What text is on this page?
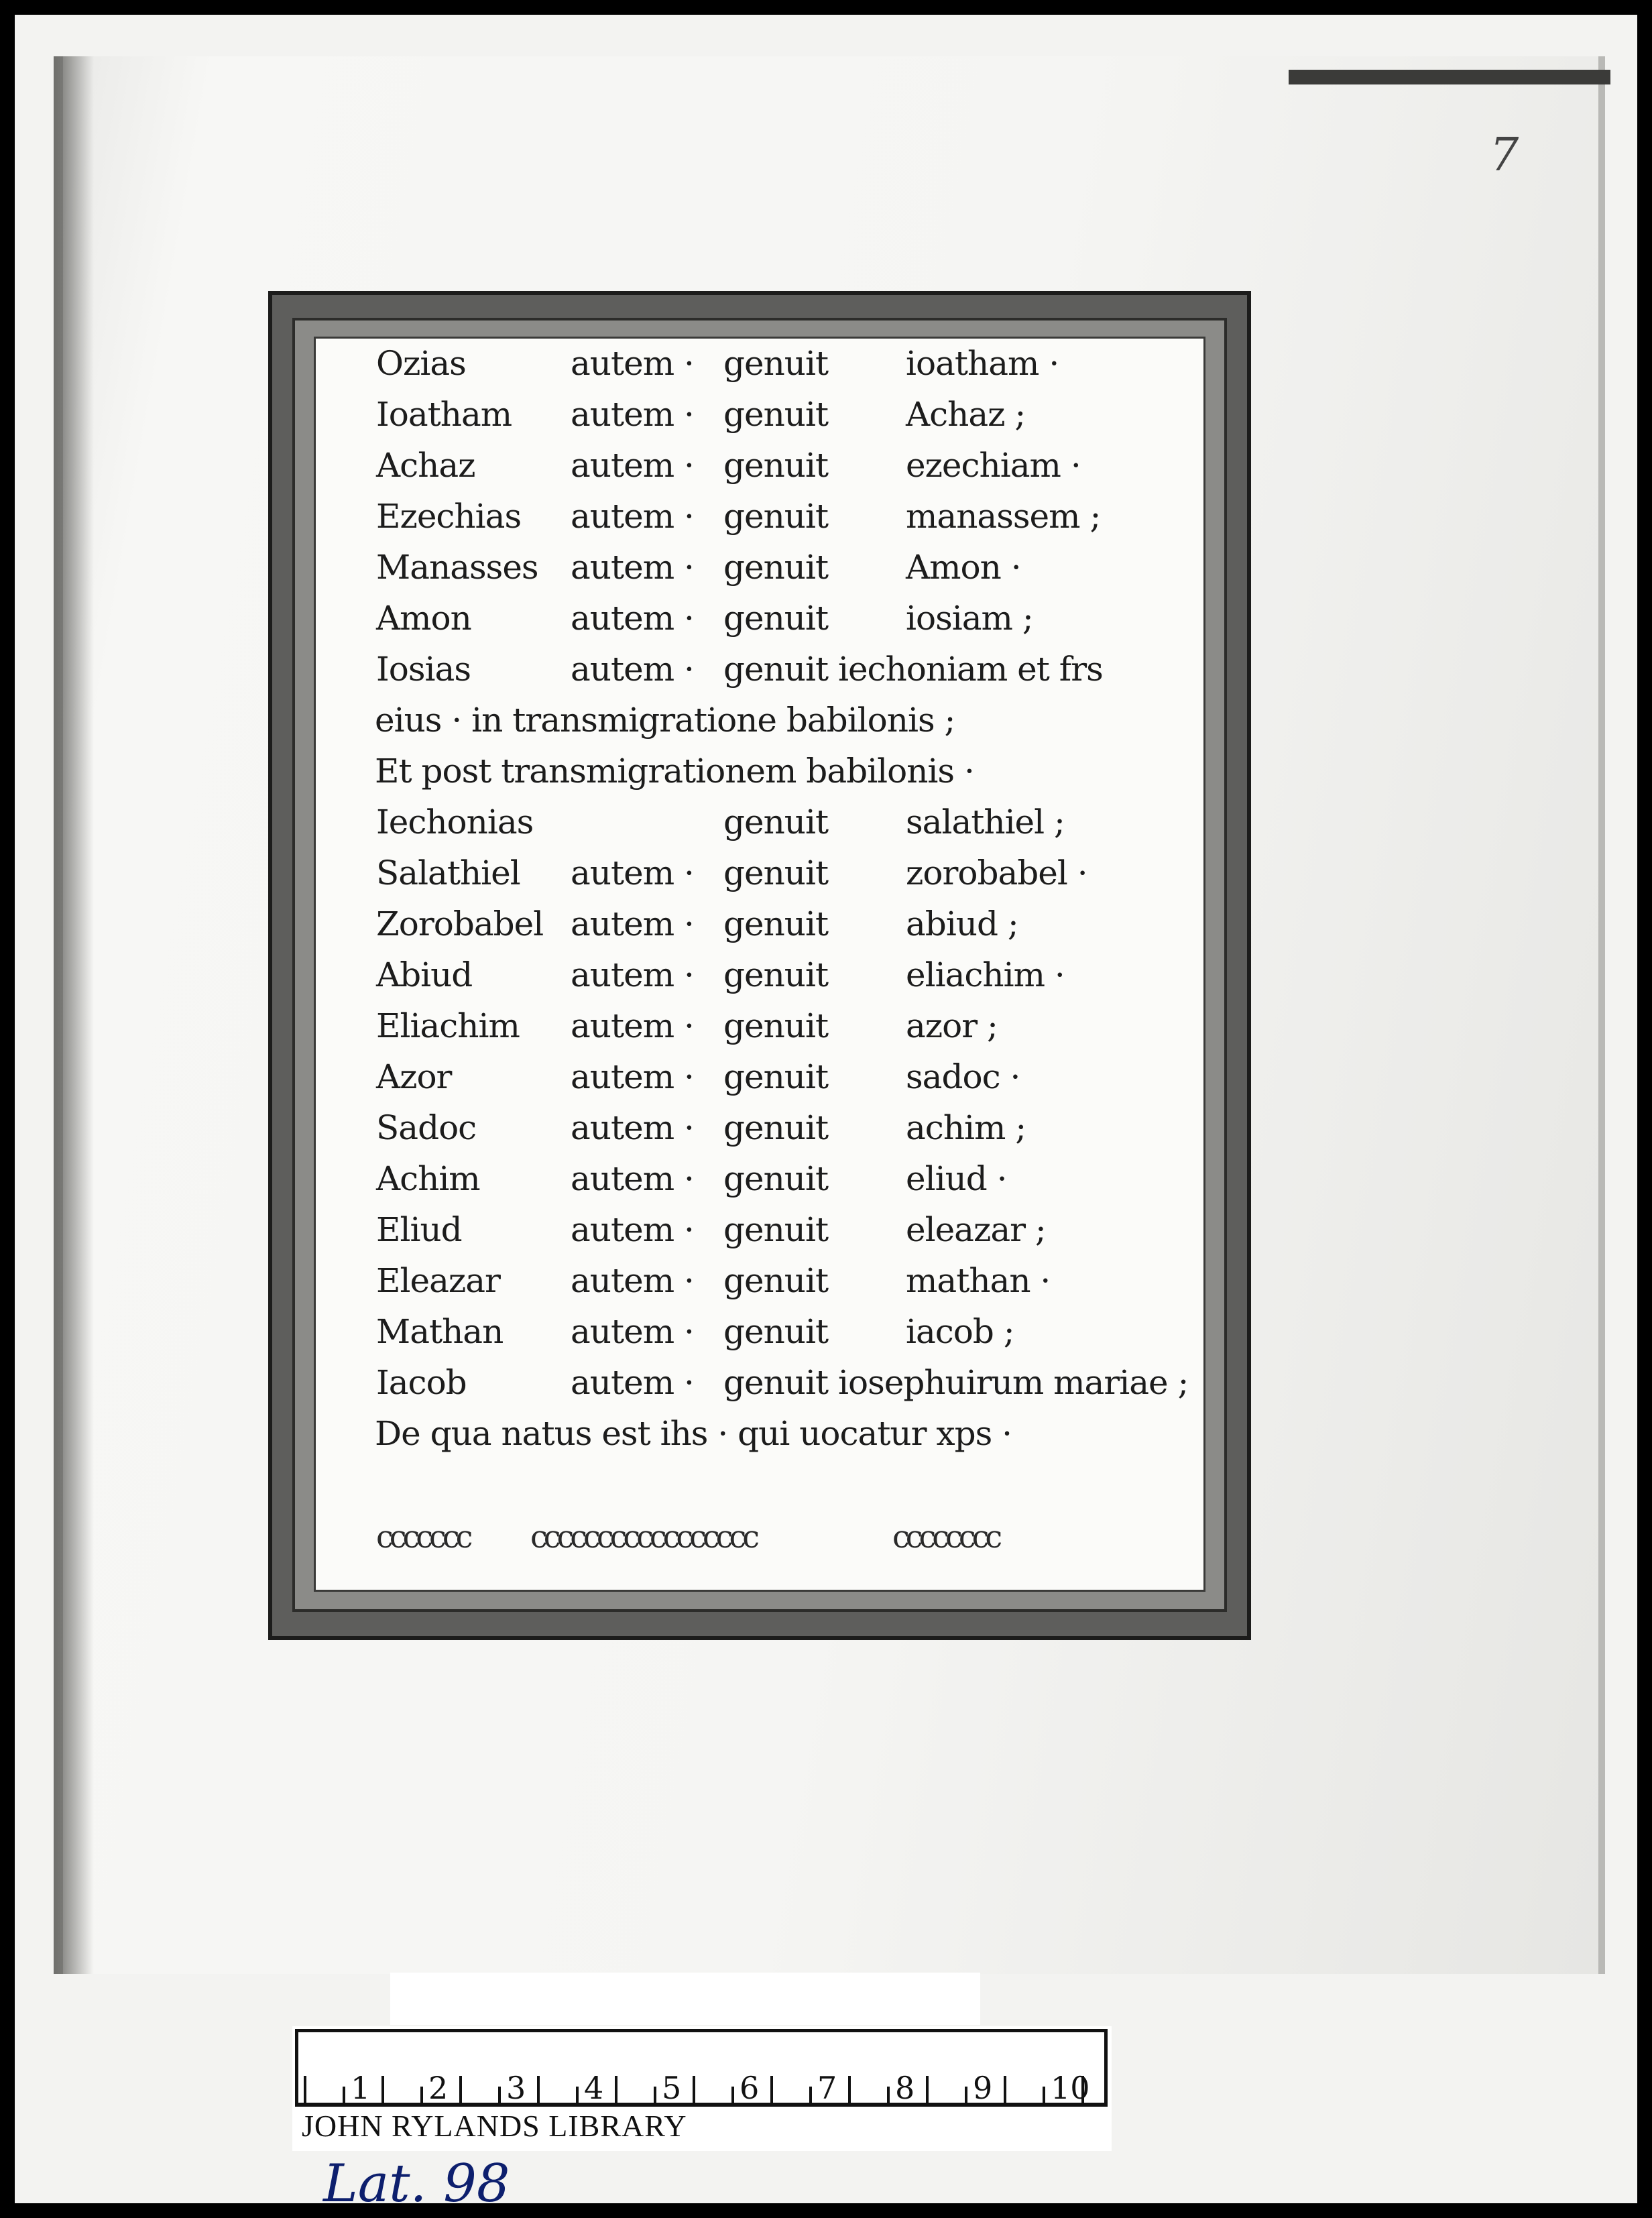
7
Ozias	autem · genuit ioatham ·
Ioatham autem · genuit Achaz ;
Achaz	autem · genuit ezechiam ·
Ezechias autem · genuit manassem ;
Manasses autem · genuit Amon ·
Amon	autem · genuit iosiam ;
Iosias	autem · genuit iechoniam et frs
eius · in transmigratione babilonis ;
Et post transmigrationem babilonis ·
Iechonias	genuit salathiel ;
Salathiel autem · genuit zorobabel ·
Zorobabel autem · genuit abiud ;
Abiud	autem · genuit eliachim ·
Eliachim autem · genuit azor ;
Azor	autem · genuit sadoc ·
Sadoc	autem · genuit achim ;
Achim	autem · genuit eliud ·
Eliud	autem · genuit eleazar ;
Eleazar autem · genuit mathan ·
Mathan autem · genuit iacob ;
Iacob	autem · genuit iosephuirum mariae ;
De qua natus est ihs · qui uocatur xps ·
ccccccc ccccccccccccccccc	cccccccc
1 2 3 4 5 6 7 8 9 10
JOHN RYLANDS LIBRARY
Lat. 98
